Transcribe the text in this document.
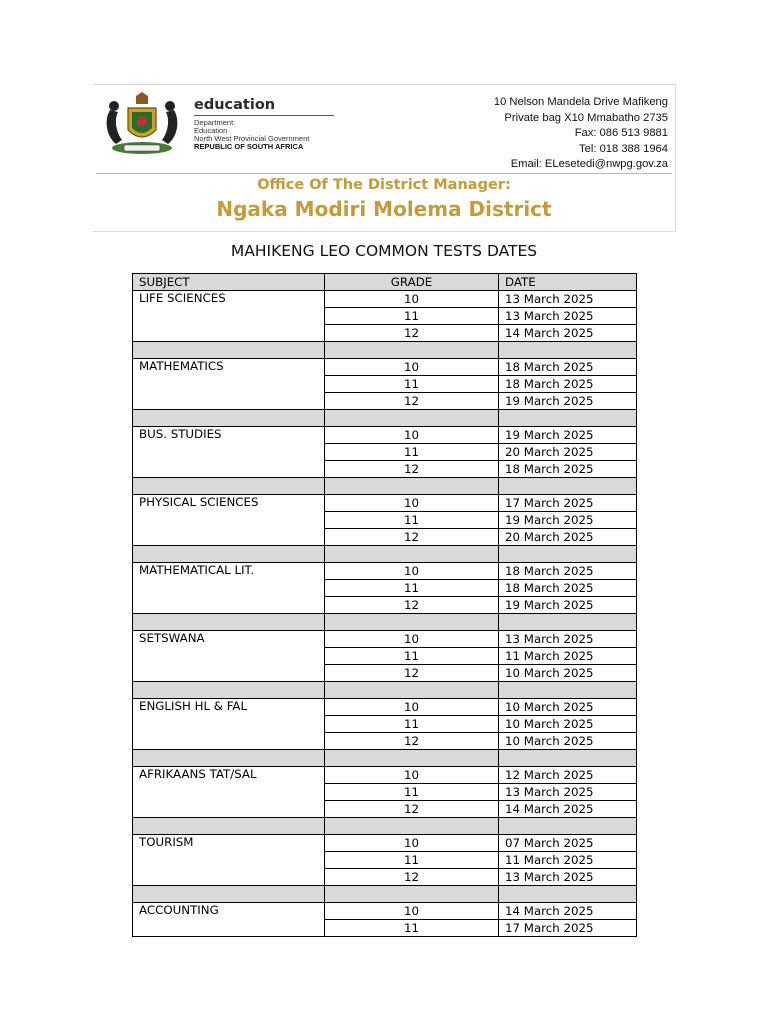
education
Department:
Education
North West Provincial Government
REPUBLIC OF SOUTH AFRICA
10 Nelson Mandela Drive Mafikeng
Private bag X10 Mmabatho 2735
Fax: 086 513 9881
Tel: 018 388 1964
Email: ELesetedi@nwpg.gov.za
Office Of The District Manager:
Ngaka Modiri Molema District
MAHIKENG LEO COMMON TESTS DATES
SUBJECT	GRADE	DATE
LIFE SCIENCES	10	13 March 2025
	11	13 March 2025
	12	14 March 2025

MATHEMATICS	10	18 March 2025
	11	18 March 2025
	12	19 March 2025

BUS. STUDIES	10	19 March 2025
	11	20 March 2025
	12	18 March 2025

PHYSICAL SCIENCES	10	17 March 2025
	11	19 March 2025
	12	20 March 2025

MATHEMATICAL LIT.	10	18 March 2025
	11	18 March 2025
	12	19 March 2025

SETSWANA	10	13 March 2025
	11	11 March 2025
	12	10 March 2025

ENGLISH HL & FAL	10	10 March 2025
	11	10 March 2025
	12	10 March 2025

AFRIKAANS TAT/SAL	10	12 March 2025
	11	13 March 2025
	12	14 March 2025

TOURISM	10	07 March 2025
	11	11 March 2025
	12	13 March 2025

ACCOUNTING	10	14 March 2025
	11	17 March 2025
